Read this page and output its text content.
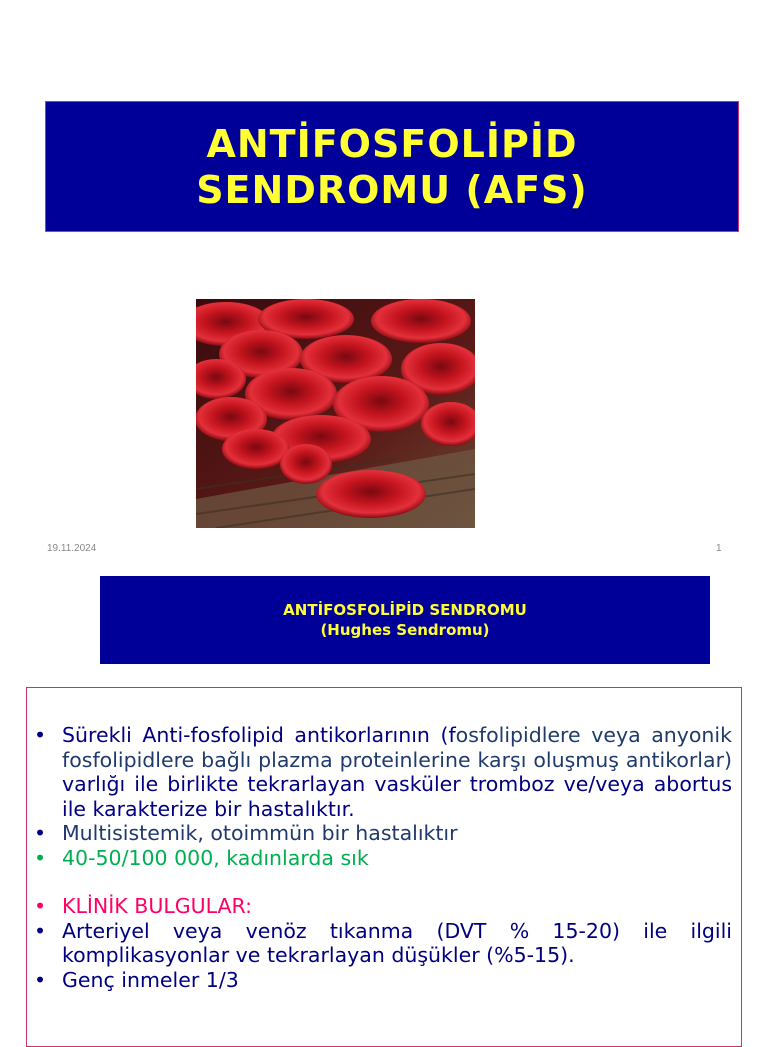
ANTİFOSFOLİPİD
SENDROMU (AFS)
19.11.2024	1
ANTİFOSFOLİPİD SENDROMU
(Hughes Sendromu)
• Sürekli Anti-fosfolipid antikorlarının (fosfolipidlere veya anyonik fosfolipidlere bağlı plazma proteinlerine karşı oluşmuş antikorlar) varlığı ile birlikte tekrarlayan vasküler tromboz ve/veya abortus ile karakterize bir hastalıktır.
• Multisistemik, otoimmün bir hastalıktır
• 40-50/100 000, kadınlarda sık
• KLİNİK BULGULAR:
• Arteriyel veya venöz tıkanma (DVT % 15-20) ile ilgili komplikasyonlar ve tekrarlayan düşükler (%5-15).
• Genç inmeler 1/3
